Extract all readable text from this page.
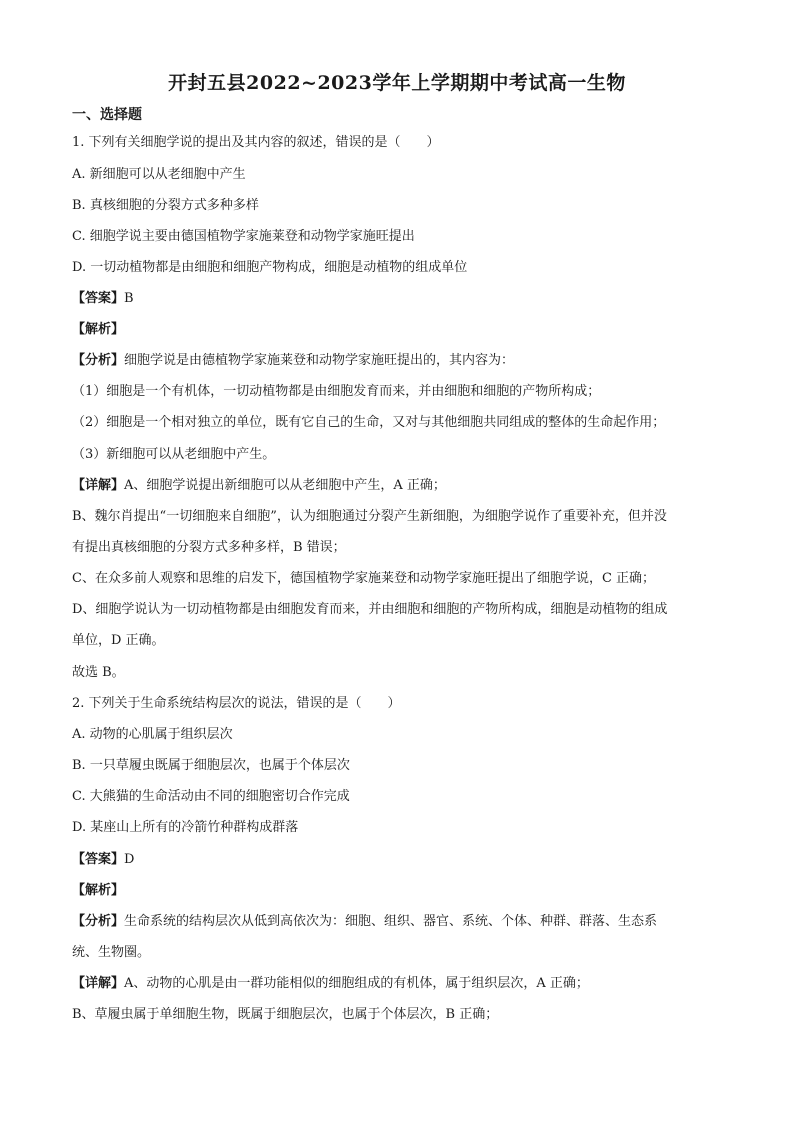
开封五县2022~2023学年上学期期中考试高一生物
一、选择题
1. 下列有关细胞学说的提出及其内容的叙述，错误的是（　　）
A. 新细胞可以从老细胞中产生
B. 真核细胞的分裂方式多种多样
C. 细胞学说主要由德国植物学家施莱登和动物学家施旺提出
D. 一切动植物都是由细胞和细胞产物构成，细胞是动植物的组成单位
【答案】B
【解析】
【分析】细胞学说是由德植物学家施莱登和动物学家施旺提出的，其内容为：
（1）细胞是一个有机体，一切动植物都是由细胞发育而来，并由细胞和细胞的产物所构成；
（2）细胞是一个相对独立的单位，既有它自己的生命，又对与其他细胞共同组成的整体的生命起作用；
（3）新细胞可以从老细胞中产生。
【详解】A、细胞学说提出新细胞可以从老细胞中产生，A 正确；
B、魏尔肖提出“一切细胞来自细胞”，认为细胞通过分裂产生新细胞，为细胞学说作了重要补充，但并没
有提出真核细胞的分裂方式多种多样，B 错误；
C、在众多前人观察和思维的启发下，德国植物学家施莱登和动物学家施旺提出了细胞学说，C 正确；
D、细胞学说认为一切动植物都是由细胞发育而来，并由细胞和细胞的产物所构成，细胞是动植物的组成
单位，D 正确。
故选 B。
2. 下列关于生命系统结构层次的说法，错误的是（　　）
A. 动物的心肌属于组织层次
B. 一只草履虫既属于细胞层次，也属于个体层次
C. 大熊猫的生命活动由不同的细胞密切合作完成
D. 某座山上所有的冷箭竹种群构成群落
【答案】D
【解析】
【分析】生命系统的结构层次从低到高依次为：细胞、组织、器官、系统、个体、种群、群落、生态系
统、生物圈。
【详解】A、动物的心肌是由一群功能相似的细胞组成的有机体，属于组织层次，A 正确；
B、草履虫属于单细胞生物，既属于细胞层次，也属于个体层次，B 正确；
